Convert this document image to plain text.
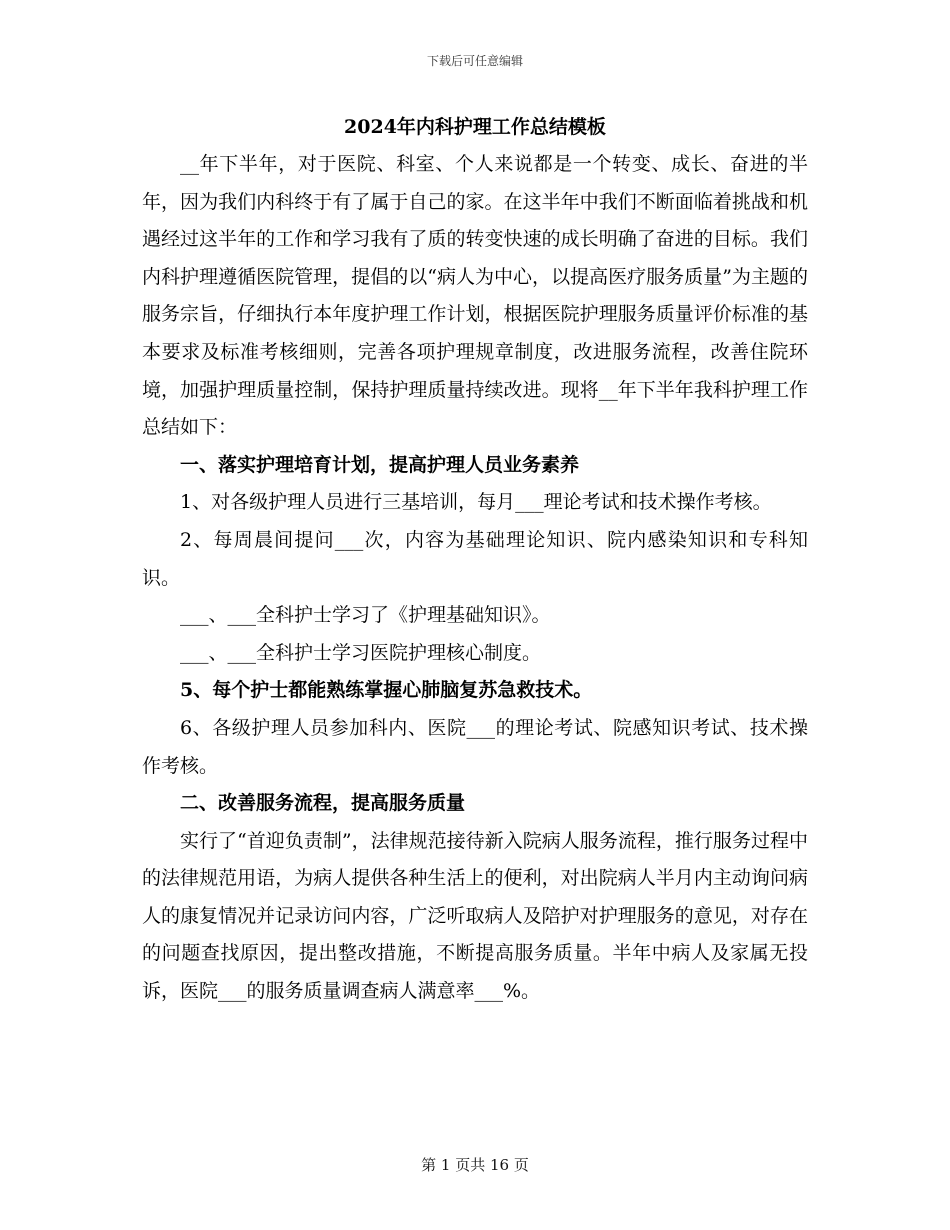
下载后可任意编辑
2024年内科护理工作总结模板

__年下半年，对于医院、科室、个人来说都是一个转变、成长、奋进的半年，因为我们内科终于有了属于自己的家。在这半年中我们不断面临着挑战和机遇经过这半年的工作和学习我有了质的转变快速的成长明确了奋进的目标。我们内科护理遵循医院管理，提倡的以“病人为中心，以提高医疗服务质量”为主题的服务宗旨，仔细执行本年度护理工作计划，根据医院护理服务质量评价标准的基本要求及标准考核细则，完善各项护理规章制度，改进服务流程，改善住院环境，加强护理质量控制，保持护理质量持续改进。现将__年下半年我科护理工作总结如下：

一、落实护理培育计划，提高护理人员业务素养

1、对各级护理人员进行三基培训，每月___理论考试和技术操作考核。

2、每周晨间提问___次，内容为基础理论知识、院内感染知识和专科知识。

___、___全科护士学习了《护理基础知识》。

___、___全科护士学习医院护理核心制度。

5、每个护士都能熟练掌握心肺脑复苏急救技术。

6、各级护理人员参加科内、医院___的理论考试、院感知识考试、技术操作考核。

二、改善服务流程，提高服务质量

实行了“首迎负责制”，法律规范接待新入院病人服务流程，推行服务过程中的法律规范用语，为病人提供各种生活上的便利，对出院病人半月内主动询问病人的康复情况并记录访问内容，广泛听取病人及陪护对护理服务的意见，对存在的问题查找原因，提出整改措施，不断提高服务质量。半年中病人及家属无投诉，医院___的服务质量调查病人满意率___%。

第 1 页共 16 页
